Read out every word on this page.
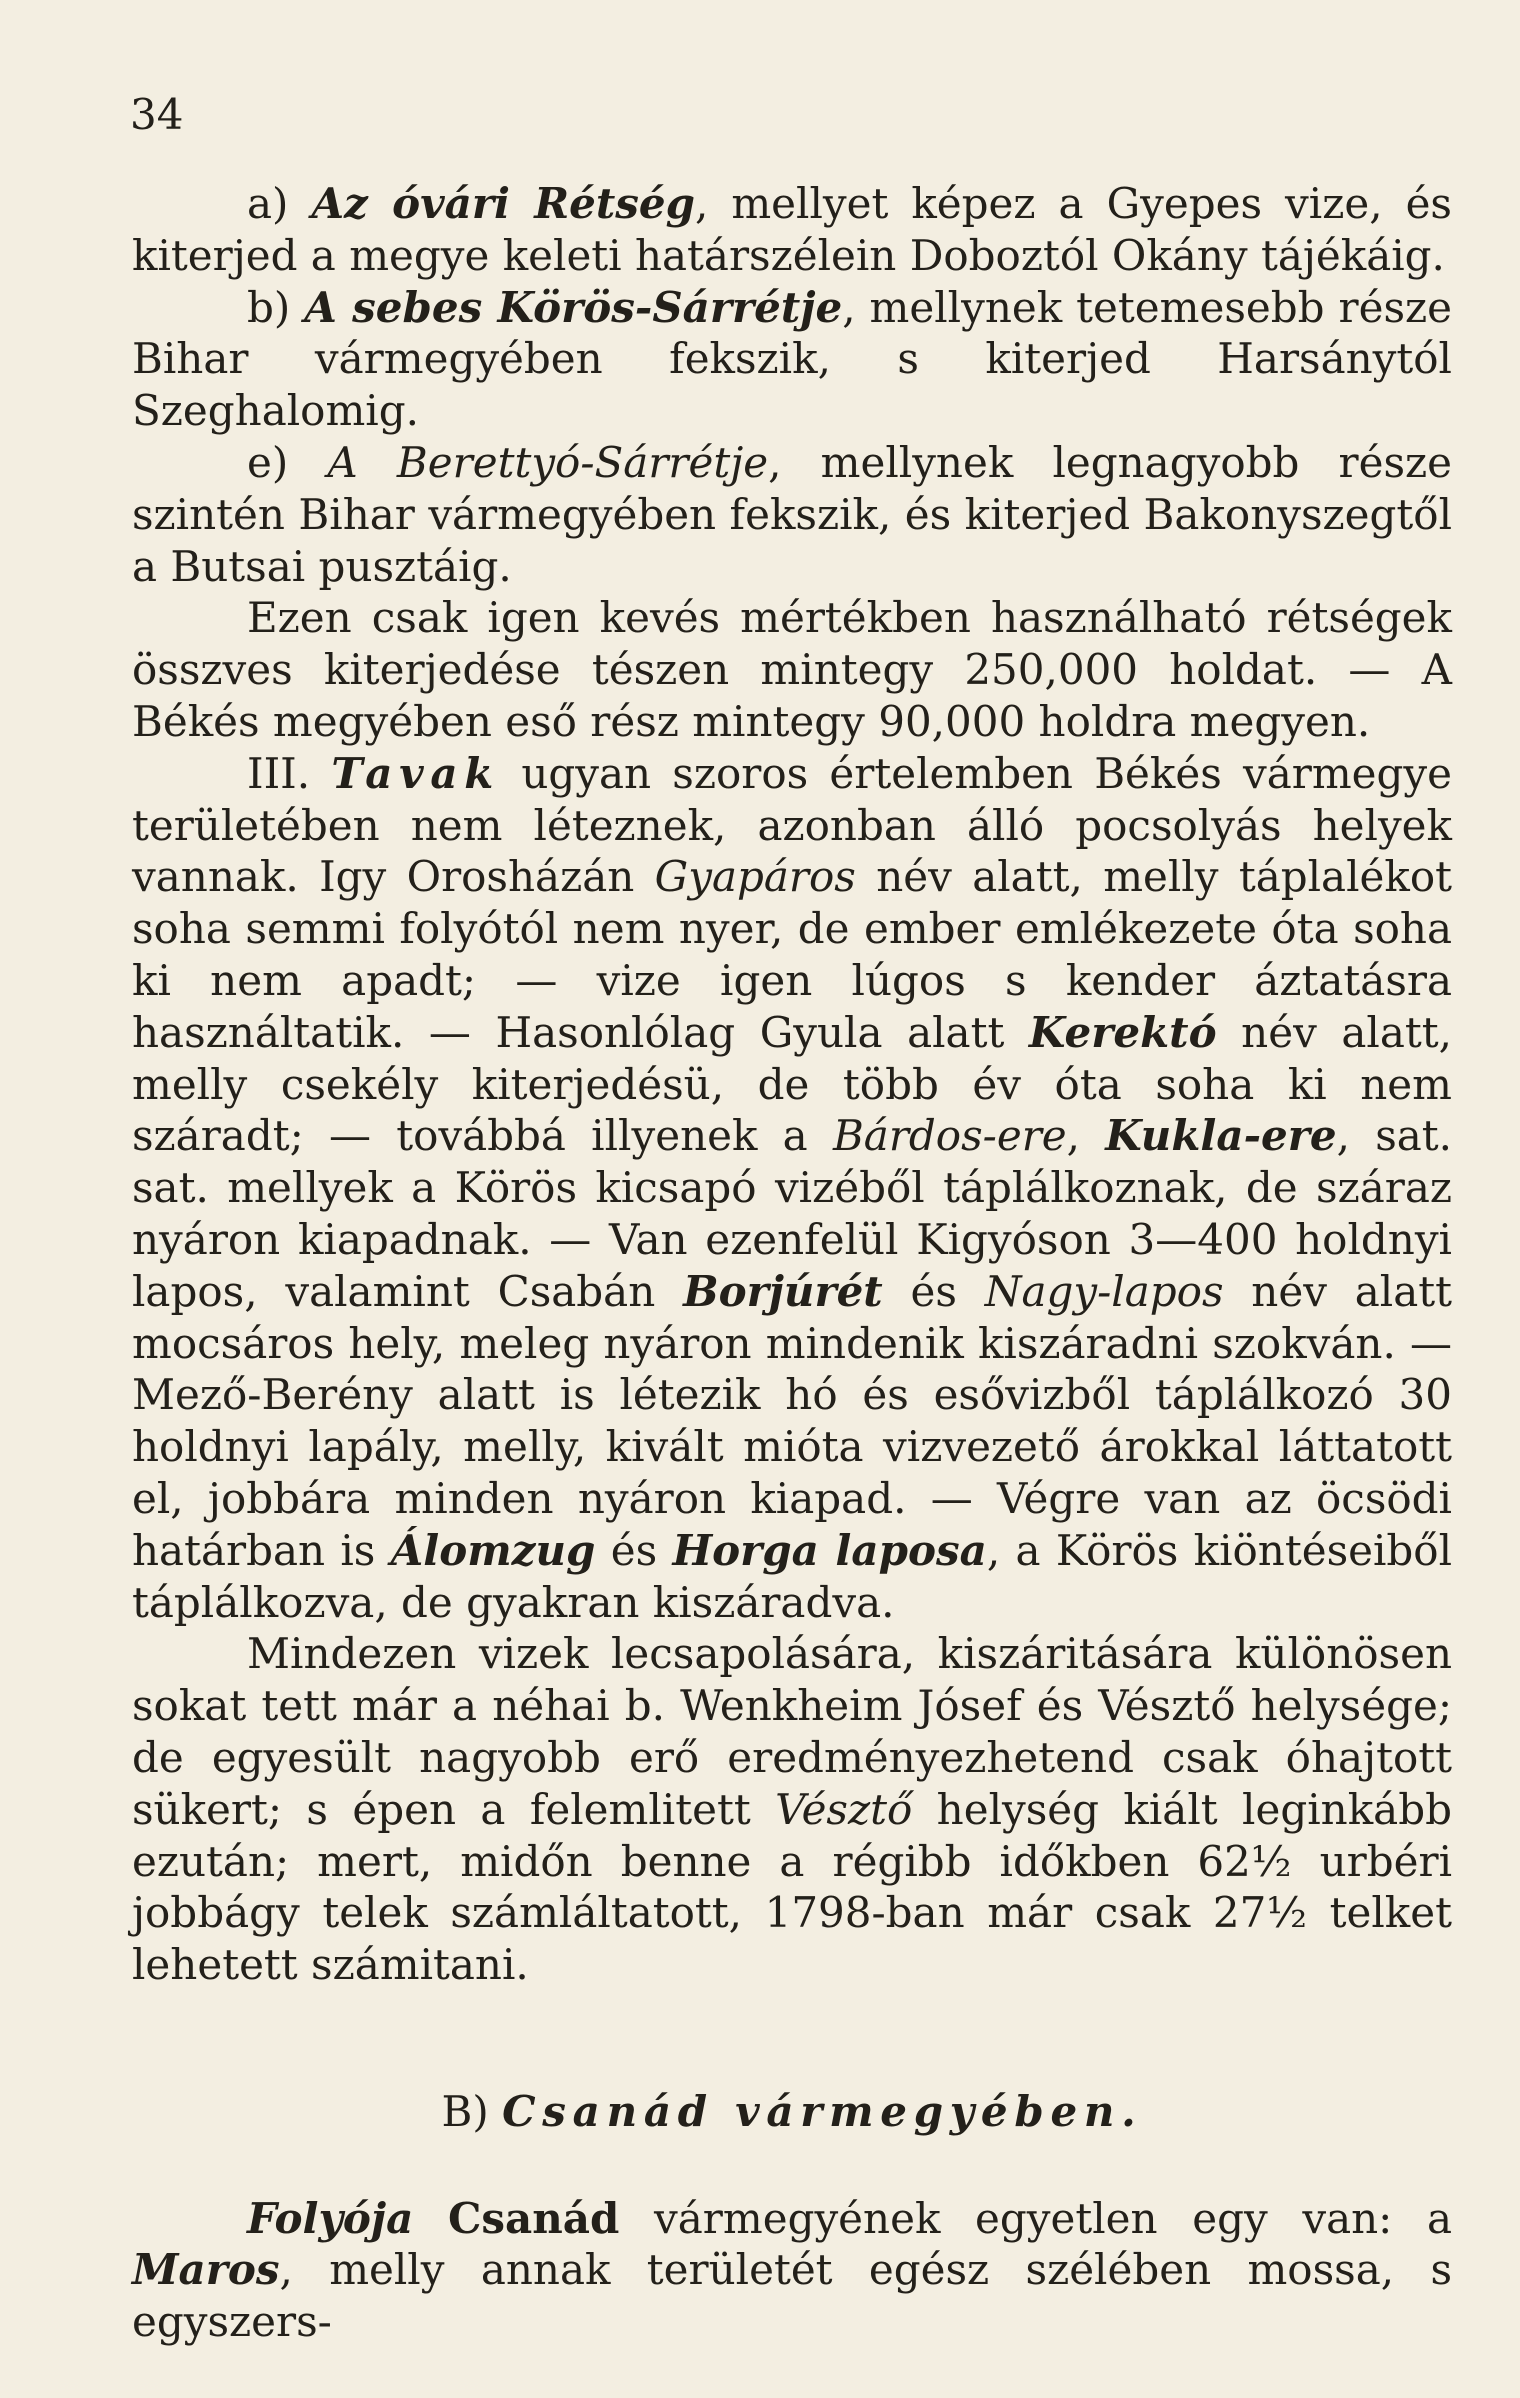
34

a) Az óvári Rétség, mellyet képez a Gyepes vize, és kiterjed a megye keleti határszélein Doboztól Okány tájékáig.

b) A sebes Körös-Sárrétje, mellynek tetemesebb része Bihar vármegyében fekszik, s kiterjed Harsánytól Szeghalomig.

e) A Berettyó-Sárrétje, mellynek legnagyobb része szintén Bihar vármegyében fekszik, és kiterjed Bakonyszegtől a Butsai pusztáig.

Ezen csak igen kevés mértékben használható rétségek összves kiterjedése tészen mintegy 250,000 holdat. — A Békés megyében eső rész mintegy 90,000 holdra megyen.

III. Tavak ugyan szoros értelemben Békés vármegye területében nem léteznek, azonban álló pocsolyás helyek vannak. Igy Orosházán Gyapáros név alatt, melly táplalékot soha semmi folyótól nem nyer, de ember emlékezete óta soha ki nem apadt; — vize igen lúgos s kender áztatásra használtatik. — Hasonlólag Gyula alatt Kerektó név alatt, melly csekély kiterjedésü, de több év óta soha ki nem száradt; — továbbá illyenek a Bárdos-ere, Kukla-ere, sat. sat. mellyek a Körös kicsapó vizéből táplálkoznak, de száraz nyáron kiapadnak. — Van ezenfelül Kigyóson 3—400 holdnyi lapos, valamint Csabán Borjúrét és Nagy-lapos név alatt mocsáros hely, meleg nyáron mindenik kiszáradni szokván. — Mező-Berény alatt is létezik hó és esővizből táplálkozó 30 holdnyi lapály, melly, kivált mióta vizvezető árokkal láttatott el, jobbára minden nyáron kiapad. — Végre van az öcsödi határban is Álomzug és Horga laposa, a Körös kiöntéseiből táplálkozva, de gyakran kiszáradva.

Mindezen vizek lecsapolására, kiszáritására különösen sokat tett már a néhai b. Wenkheim Jósef és Vésztő helysége; de egyesült nagyobb erő eredményezhetend csak óhajtott sükert; s épen a felemlitett Vésztő helység kiált leginkább ezután; mert, midőn benne a régibb időkben 62½ urbéri jobbágy telek számláltatott, 1798-ban már csak 27½ telket lehetett számitani.

B) Csanád vármegyében.

Folyója Csanád vármegyének egyetlen egy van: a Maros, melly annak területét egész szélében mossa, s egyszers-
